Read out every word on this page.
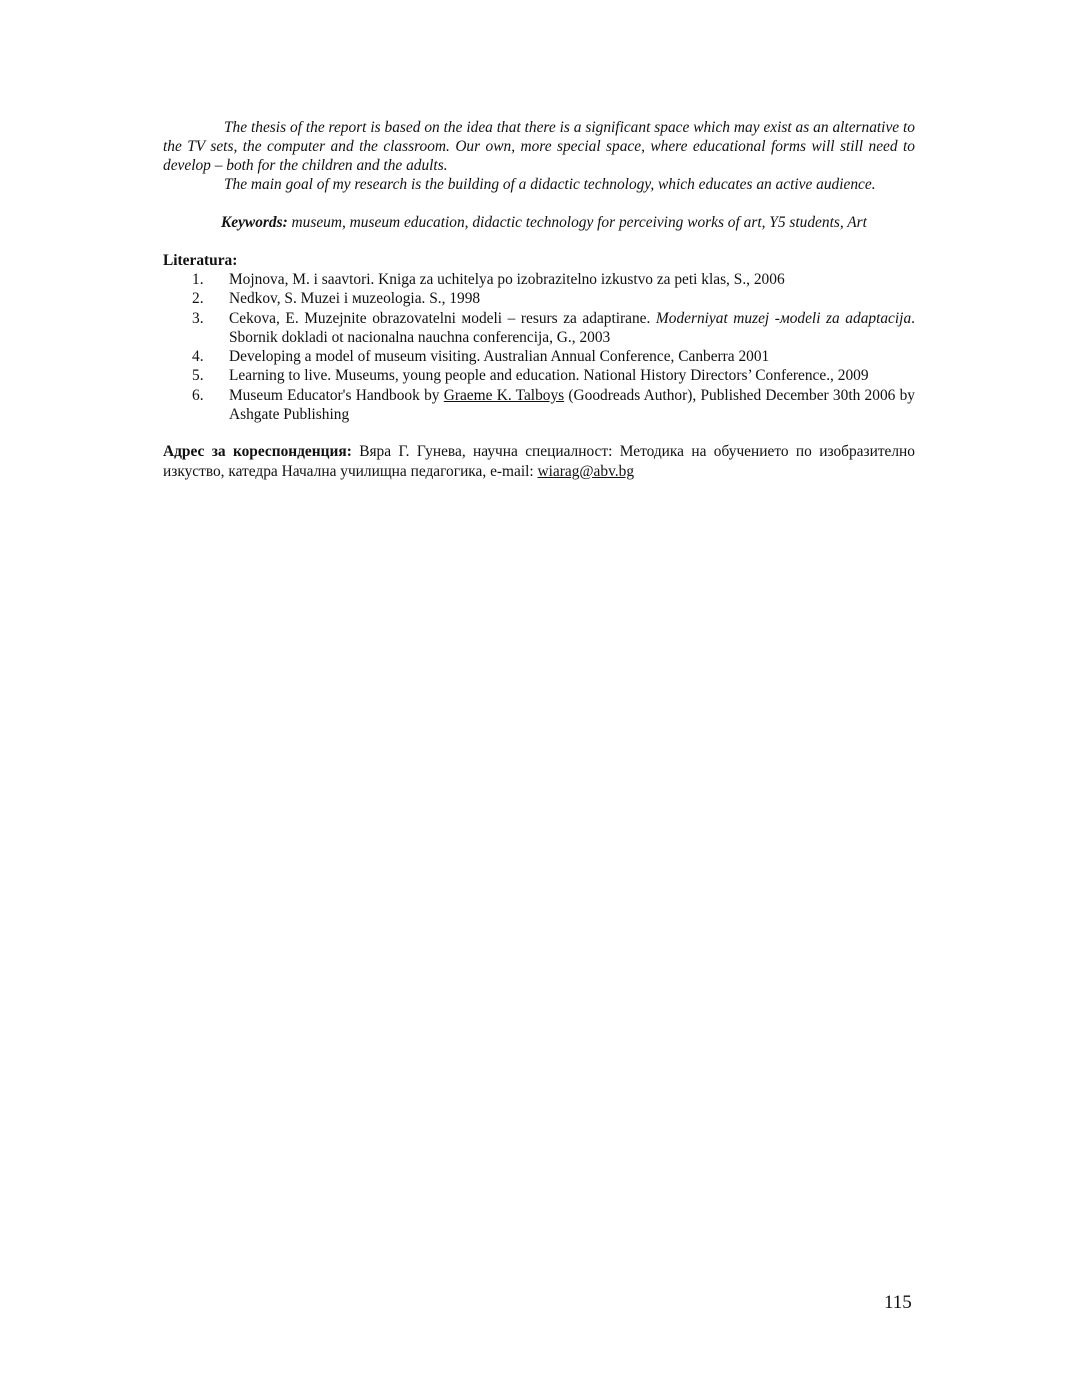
The thesis of the report is based on the idea that there is a significant space which may exist as an alternative to the TV sets, the computer and the classroom. Our own, more special space, where educational forms will still need to develop – both for the children and the adults.

The main goal of my research is the building of a didactic technology, which educates an active audience.

Keywords: museum, museum education, didactic technology for perceiving works of art, Y5 students, Art

Literatura:
1. Mojnova, M. i saavtori. Kniga za uchitelya po izobrazitelno izkustvo za peti klas, S., 2006
2. Nedkov, S. Muzei i мuzeologia. S., 1998
3. Cekova, E. Muzejnite obrazovatelni мodeli – resurs za adaptirane. Moderniyat muzej -мodeli za adaptacija. Sbornik dokladi ot nacionalna nauchna conferencija, G., 2003
4. Developing a model of museum visiting. Australian Annual Conference, Canberra 2001
5. Learning to live. Museums, young people and education. National History Directors’ Conference., 2009
6. Museum Educator's Handbook by Graeme K. Talboys (Goodreads Author), Published December 30th 2006 by Ashgate Publishing

Адрес за кореспонденция: Вяра Г. Гунева, научна специалност: Методика на обучението по изобразително изкуство, катедра Начална училищна педагогика, e-mail: wiarag@abv.bg

115
